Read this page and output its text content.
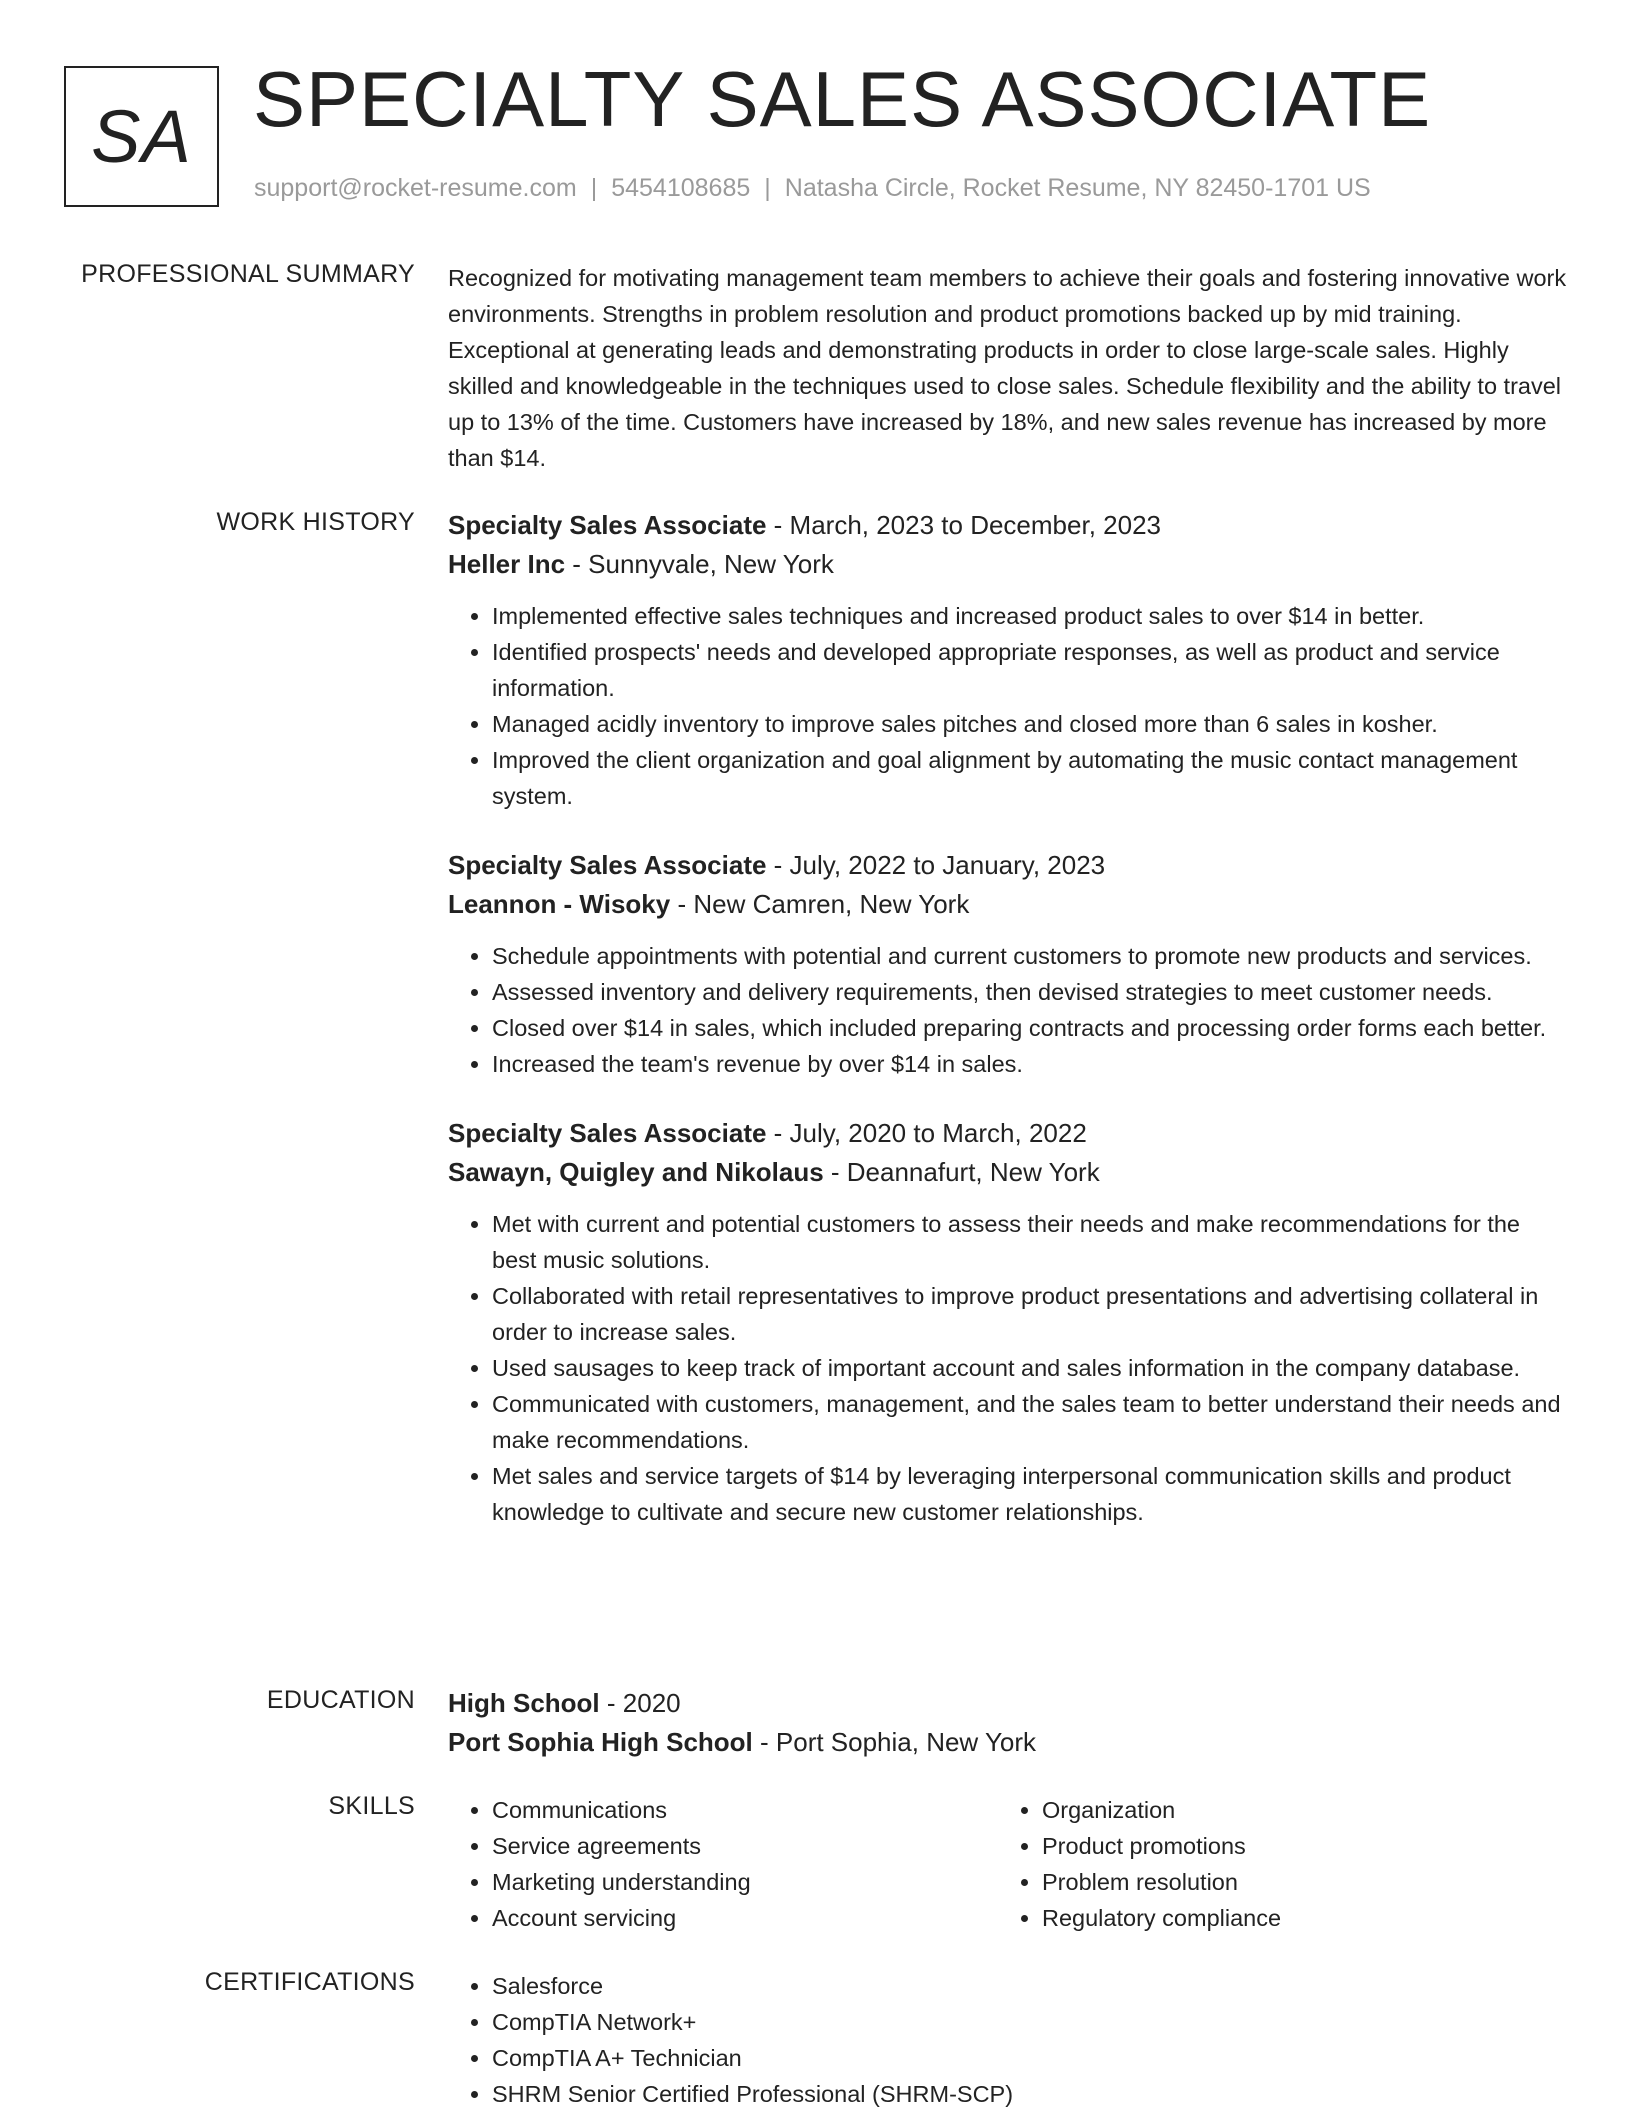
SA SPECIALTY SALES ASSOCIATE
support@rocket-resume.com | 5454108685 | Natasha Circle, Rocket Resume, NY 82450-1701 US
PROFESSIONAL SUMMARY Recognized for motivating management team members to achieve their goals and fostering innovative work environments. Strengths in problem resolution and product promotions backed up by mid training. Exceptional at generating leads and demonstrating products in order to close large-scale sales. Highly skilled and knowledgeable in the techniques used to close sales. Schedule flexibility and the ability to travel up to 13% of the time. Customers have increased by 18%, and new sales revenue has increased by more than $14.

WORK HISTORY Specialty Sales Associate - March, 2023 to December, 2023
Heller Inc - Sunnyvale, New York
• Implemented effective sales techniques and increased product sales to over $14 in better.
• Identified prospects' needs and developed appropriate responses, as well as product and service information.
• Managed acidly inventory to improve sales pitches and closed more than 6 sales in kosher.
• Improved the client organization and goal alignment by automating the music contact management system.
Specialty Sales Associate - July, 2022 to January, 2023
Leannon - Wisoky - New Camren, New York
• Schedule appointments with potential and current customers to promote new products and services.
• Assessed inventory and delivery requirements, then devised strategies to meet customer needs.
• Closed over $14 in sales, which included preparing contracts and processing order forms each better.
• Increased the team's revenue by over $14 in sales.
Specialty Sales Associate - July, 2020 to March, 2022
Sawayn, Quigley and Nikolaus - Deannafurt, New York
• Met with current and potential customers to assess their needs and make recommendations for the best music solutions.
• Collaborated with retail representatives to improve product presentations and advertising collateral in order to increase sales.
• Used sausages to keep track of important account and sales information in the company database.
• Communicated with customers, management, and the sales team to better understand their needs and make recommendations.
• Met sales and service targets of $14 by leveraging interpersonal communication skills and product knowledge to cultivate and secure new customer relationships.
EDUCATION High School - 2020
Port Sophia High School - Port Sophia, New York
SKILLS	• Communications
• Service agreements
• Marketing understanding
• Account servicing
• Organization
• Product promotions
• Problem resolution
• Regulatory compliance
CERTIFICATIONS	• Salesforce
• CompTIA Network+
• CompTIA A+ Technician
• SHRM Senior Certified Professional (SHRM-SCP)
